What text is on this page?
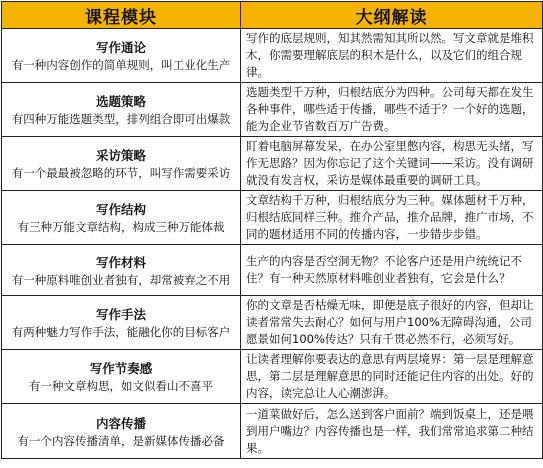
课程模块	大纲解读

写作通论
有一种内容创作的简单规则，叫工业化生产	写作的底层规则，知其然需知其所以然。写文章就是堆积木，你需要理解底层的积木是什么，以及它们的组合规律。

选题策略
有四种万能选题类型，排列组合即可出爆款	选题类型千万种，归根结底分为四种。公司每天都在发生各种事件，哪些适于传播，哪些不适于？一个好的选题，能为企业节省数百万广告费。

采访策略
有一个最最被忽略的环节，叫写作需要采访	盯着电脑屏幕发呆，在办公室里憋内容，构思无头绪，写作无思路？因为你忘记了这个关键词——采访。没有调研就没有发言权，采访是媒体最重要的调研工具。

写作结构
有三种万能文章结构，构成三种万能体裁	文章结构千万种，归根结底分为三种。媒体题材千万种，归根结底同样三种。推介产品，推介品牌，推广市场，不同的题材适用不同的传播内容，一步错步步错。

写作材料
有一种原料唯创业者独有，却常被弃之不用	生产的内容是否空洞无物？不论客户还是用户统统记不住？有一种天然原材料唯创业者独有，它会是什么？

写作手法
有两种魅力写作手法，能融化你的目标客户	你的文章是否枯燥无味，即便是底子很好的内容，但却让读者常常失去耐心？如何与用户100%无障碍沟通，公司愿景如何100%传达？只有千贯必然不行，必须写好。

写作节奏感
有一种文章构思，如文似看山不喜平	让读者理解你要表达的意思有两层境界：第一层是理解意思，第二层是理解意思的同时还能记住内容的出处。好的内容，读完总让人心潮澎湃。

内容传播
有一个内容传播清单，是新媒体传播必备	一道菜做好后，怎么送到客户面前？端到饭桌上，还是喂到用户嘴边？内容传播也是一样，我们常常追求第二种结果。
